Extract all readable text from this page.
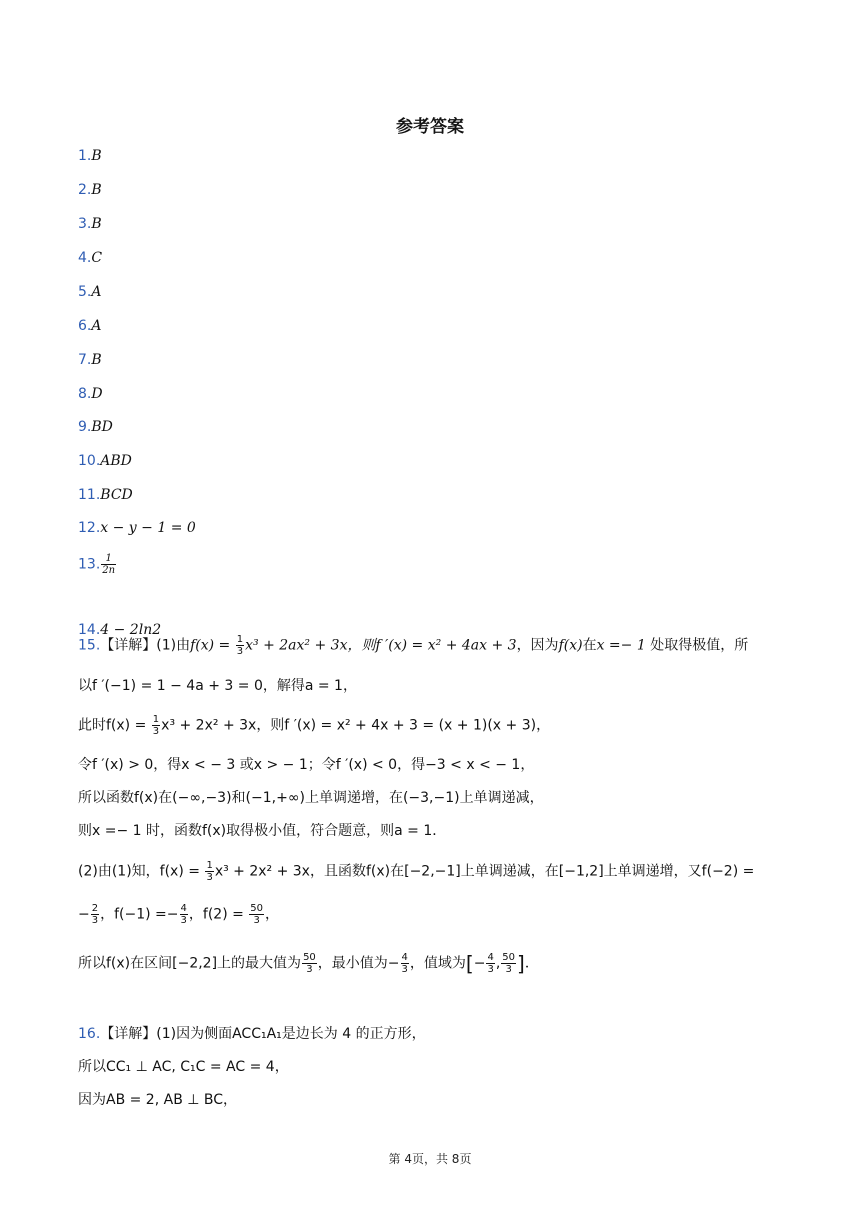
参考答案
1.B
2.B
3.B
4.C
5.A
6.A
7.B
8.D
9.BD
10.ABD
11.BCD
12.x − y − 1 = 0
13. $\frac{1}{2n}$
14.4 − 2ln2
15.【详解】(1)由$f(x) = \frac{1}{3} x^3 + 2ax^2 + 3x$，则f ′(x) = x² + 4ax + 3，因为f(x)在x =− 1 处取得极值，所
以f ′(−1) = 1 − 4a + 3 = 0，解得a = 1，
此时$f(x) = \frac{1}{3} x^3 + 2x^2 + 3x$，则f ′(x) = x² + 4x + 3 = (x + 1)(x + 3)，
令f ′(x) > 0，得x < − 3 或x > − 1；令f ′(x) < 0，得−3 < x < − 1，
所以函数f(x)在(−∞,−3)和(−1,+∞)上单调递增，在(−3,−1)上单调递减，
则x =− 1 时，函数f(x)取得极小值，符合题意，则a = 1．
(2)由(1)知，$f(x) = \frac{1}{3} x^3 + 2x^2 + 3x$，且函数f(x)在[−2,−1]上单调递减，在[−1,2]上单调递增，又f(−2) =
− $\frac{2}{3}$ ，$f(-1) =- \frac{4}{3}$ ，$f(2) = \frac{50}{3}$ ，
所以f(x)在区间[−2,2]上的最大值为 $\frac{50}{3}$ ，最小值为− $\frac{4}{3}$ ，值域为[− $\frac{4}{3}$ , $\frac{50}{3}$ ]．
16.【详解】(1)因为侧面ACC₁A₁是边长为 4 的正方形，
所以CC₁ ⊥ AC, C₁C = AC = 4，
因为AB = 2, AB ⊥ BC，
第 4页，共 8页
